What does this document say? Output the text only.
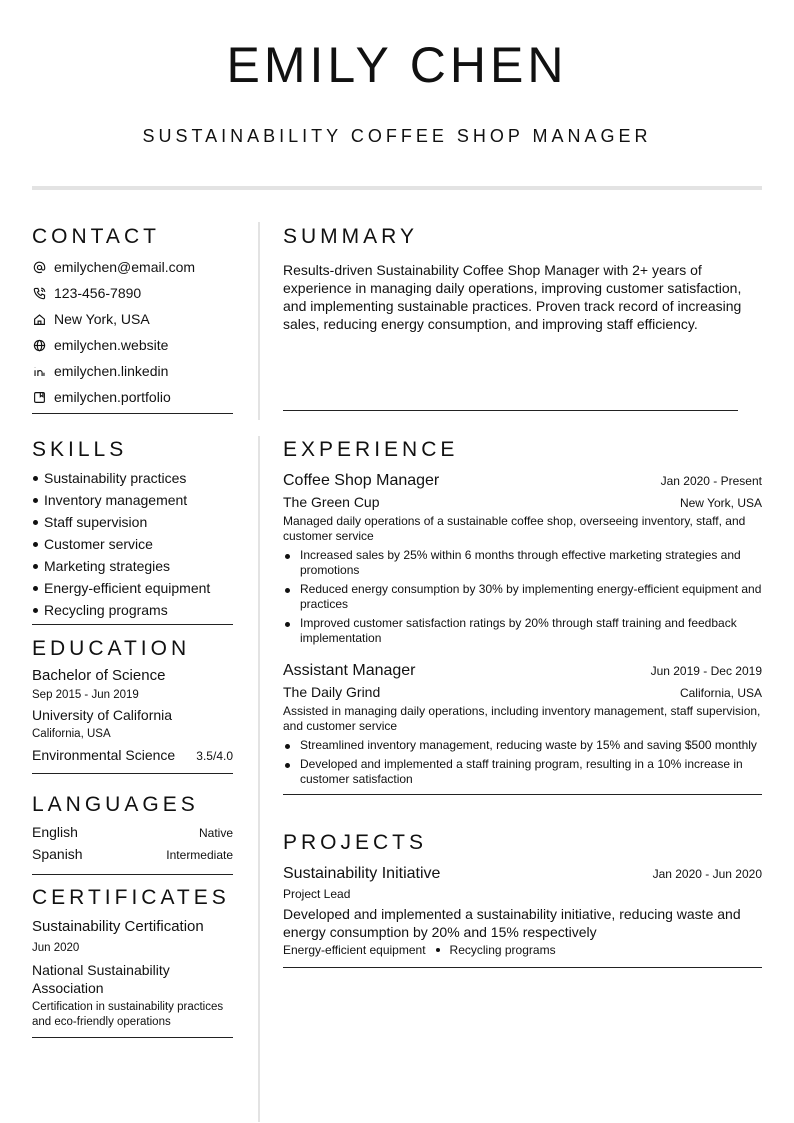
EMILY CHEN
SUSTAINABILITY COFFEE SHOP MANAGER
CONTACT
emilychen@email.com
123-456-7890
New York, USA
emilychen.website
emilychen.linkedin
emilychen.portfolio
SKILLS
Sustainability practices
Inventory management
Staff supervision
Customer service
Marketing strategies
Energy-efficient equipment
Recycling programs
EDUCATION
Bachelor of Science
Sep 2015 - Jun 2019
University of California
California, USA
Environmental Science 3.5/4.0
LANGUAGES
English	Native
Spanish	Intermediate
CERTIFICATES
Sustainability Certification
Jun 2020
National Sustainability Association
Certification in sustainability practices and eco-friendly operations
SUMMARY
Results-driven Sustainability Coffee Shop Manager with 2+ years of experience in managing daily operations, improving customer satisfaction, and implementing sustainable practices. Proven track record of increasing sales, reducing energy consumption, and improving staff efficiency.
EXPERIENCE
Coffee Shop Manager	Jan 2020 - Present
The Green Cup	New York, USA
Managed daily operations of a sustainable coffee shop, overseeing inventory, staff, and customer service
Increased sales by 25% within 6 months through effective marketing strategies and promotions
Reduced energy consumption by 30% by implementing energy-efficient equipment and practices
Improved customer satisfaction ratings by 20% through staff training and feedback implementation
Assistant Manager	Jun 2019 - Dec 2019
The Daily Grind	California, USA
Assisted in managing daily operations, including inventory management, staff supervision, and customer service
Streamlined inventory management, reducing waste by 15% and saving $500 monthly
Developed and implemented a staff training program, resulting in a 10% increase in customer satisfaction
PROJECTS
Sustainability Initiative	Jan 2020 - Jun 2020
Project Lead
Developed and implemented a sustainability initiative, reducing waste and energy consumption by 20% and 15% respectively
Energy-efficient equipment Recycling programs
